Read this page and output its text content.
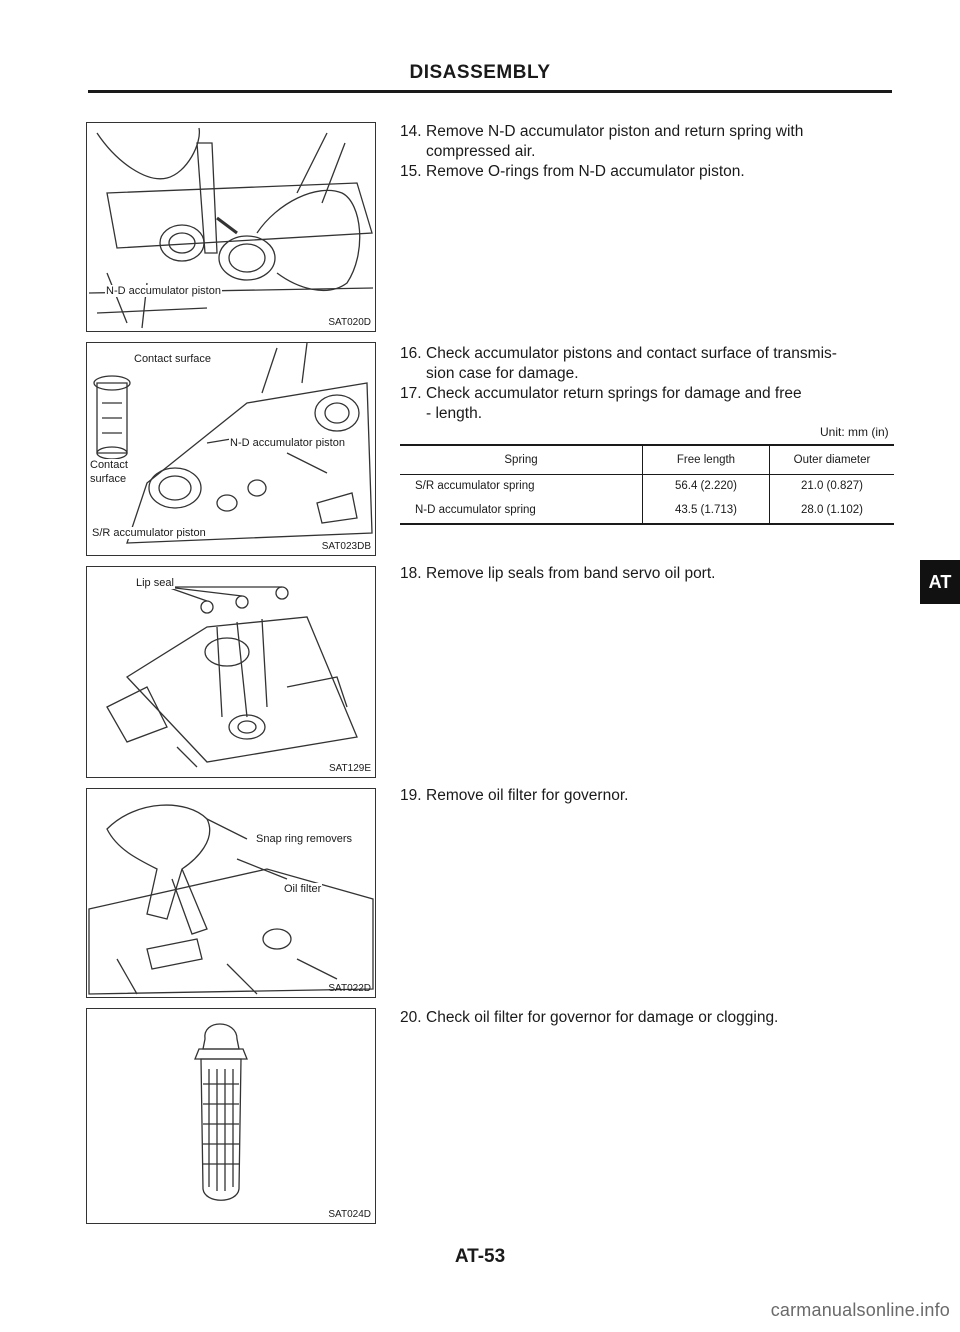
DISASSEMBLY
N-D accumulator piston
SAT020D
Contact surface
N-D accumulator piston
Contact
surface
S/R accumulator piston
SAT023DB
Lip seal
SAT129E
Snap ring removers
Oil filter
SAT022D
SAT024D
14. Remove N-D accumulator piston and return spring with
compressed air.
15. Remove O-rings from N-D accumulator piston.
16. Check accumulator pistons and contact surface of transmis-
sion case for damage.
17. Check accumulator return springs for damage and free
- length.
Unit: mm (in)
Spring	Free length	Outer diameter
S/R accumulator spring	56.4 (2.220)	21.0 (0.827)
N-D accumulator spring	43.5 (1.713)	28.0 (1.102)
18. Remove lip seals from band servo oil port.
19. Remove oil filter for governor.
20. Check oil filter for governor for damage or clogging.
AT
AT-53
carmanualsonline.info
